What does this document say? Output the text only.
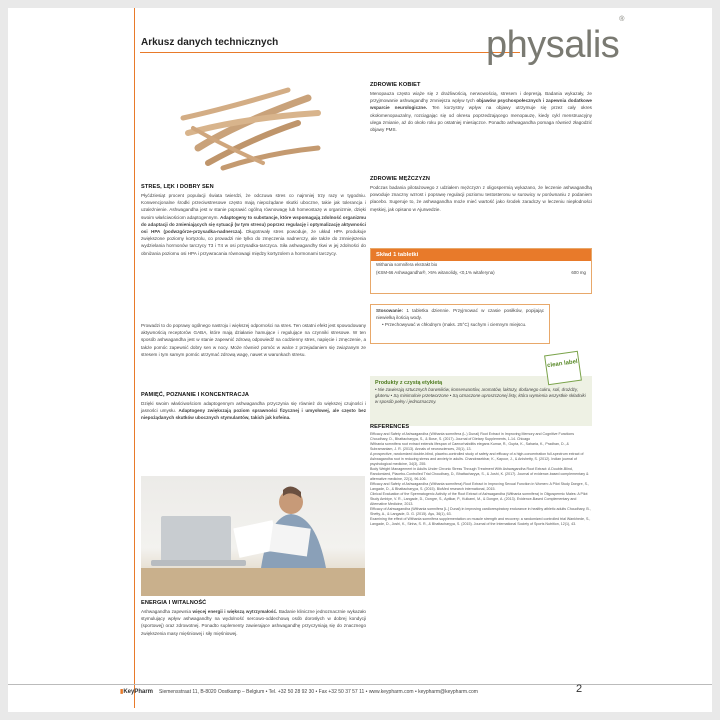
Arkusz danych technicznych	physalis®
STRES, LĘK I DOBRY SEN
Płyćdziesiąt procent populacji świata twierdzi, że odczuwa stres co najmniej trzy razy w tygodniu. Konwencjonalne środki przeciwstresowe często mają niepożądane skutki uboczne, takie jak tolerancja i uzależnienie. Ashwagandha jest w stanie poprawić ogólną równowagę lub homeostazę w organizmie, dzięki swoim właściwościom adaptogennym. Adaptogeny to substancje, które wspomagają zdolność organizmu do adaptacji do zmieniających się sytuacji (w tym stresu) poprzez regulację i optymalizację aktywności osi HPA (podwzgórze-przysadka-nadnercza). Długotrwały stres powoduje, że układ HPA produkuje zwiększone poziomy kortyzolu, co prowadzi nie tylko do zmęczenia nadnerczy, ale także do zmniejszenia wydzielania hormonów tarczycy T3 i T4 w osi przysadka-tarczyca. Siła ashwagandhy tkwi w jej zdolności do obniżania poziomu osi HPA i przywracania równowagi między kortyzolem a hormonami tarczycy.
Prowadzi to do poprawy ogólnego nastroju i większej odporności na stres. Ten ostatni efekt jest spowodowany aktywnością receptorów GABA, które mają działanie hamujące i regulujące na czynniki stresowe. W ten sposób ashwagandha jest w stanie zapewnić zdrową odpowiedź na codzienny stres, napięcie i zmęczenie, a także pomóc zapewnić dobry sen w nocy. Może również pomóc w walce z przejadaniem się związanym ze stresem i tym samym pomóc utrzymać zdrową wagę, nawet w warunkach stresu.
PAMIĘĆ, POZNANIE I KONCENTRACJA
Dzięki swoim właściwościom adaptogennym ashwagandha przyczynia się również do większej czujności i jasności umysłu. Adaptogeny zwiększają poziom sprawności fizycznej i umysłowej, ale często bez niepożądanych skutków ubocznych stymulantów, takich jak kofeina.
ENERGIA I WITALNOŚĆ
Ashwagandha zapewnia więcej energii i większą wytrzymałość. Badanie kliniczne jednoznacznie wykazało stymulujący wpływ ashwagandhy na wydolność sercowo-oddechową osób dorosłych w dobrej kondycji (sportowej) oraz zdrowotnej. Ponadto suplementy zawierające ashwagandhę przyczyniają się do znacznego zwiększenia masy mięśniowej i siły mięśniowej.
ZDROWIE KOBIET
Menopauza często wiąże się z drażliwością, nerwowością, stresem i depresją. Badania wykazały, że przyjmowanie ashwagandhy zmniejsza wpływ tych objawów psychospołecznych i zapewnia dodatkowe wsparcie neurologiczne. Ten korzystny wpływ na objawy utrzymuje się przez cały okres okołomenopauzalny, rozciągając się od okresu poprzedzającego menopauzę, kiedy cykl menstruacyjny ulega zmianie, aż do około roku po ostatniej miesiączce. Ponadto ashwagandha pomaga również złagodzić objawy PMS.
ZDROWIE MĘŻCZYZN
Podczas badania pilotażowego z udziałem mężczyzn z oligospermią wykazano, że leczenie ashwagandhą powoduje znaczny wzrost i poprawę regulacji poziomu testosteronu w surowicy w porównaniu z podaniem placebo. Sugeruje to, że ashwagandha może mieć wartość jako środek zaradczy w leczeniu niepłodności męskiej, jak opisano w Ajurwedzie.
Skład 1 tabletki
Withania somnifera ekstrakt bio
(KSM-66 Ashwagandha®, >5% witanolidy, <0,1% witaferyna)	600 mg
Stosowanie: 1 tabletka dziennie. Przyjmować w czasie posiłków, popijając niewielką ilością wody.
• Przechowywać w chłodnym (maks. 25°C) suchym i ciemnym miejscu.
Produkty z czystą etykietą
• Nie zawierają sztucznych barwników, konserwantów, aromatów, laktozy, dodanego cukru, soli, drożdży, glutenu • Są minimalnie przetworzone • Są oznaczone uproszczonej listy, która wymienia wszystkie składniki w sposób pełny i jednoznaczny.
clean label
REFERENCES
Efficacy and Safety of Ashwagandha (Withania somnifera (L.) Dunal) Root Extract in Improving Memory and Cognitive Functions Choudhary, D., Bhattacharyya, S., & Bose, S. (2017). Journal of Dietary Supplements, 1-14. Chicago
Withania somnifera root extract extends lifespan of Caenorhabditis elegans Kumar, R., Gupta, K., Saharia, K., Pradhan, D., & Subramaniam, J. R. (2013). Annals of neurosciences, 20(1), 13.
A prospective, randomized double-blind, placebo-controlled study of safety and efficacy of a high-concentration full-spectrum extract of Ashwagandha root in reducing stress and anxiety in adults. Chandrasekhar, K., Kapoor, J., & Anishetty, S. (2012). Indian journal of psychological medicine, 34(3), 255.
Body Weight Management in Adults Under Chronic Stress Through Treatment With Ashwagandha Root Extract: A Double-Blind, Randomized, Placebo-Controlled Trial Choudhary, D., Bhattacharyya, S., & Joshi, K. (2017). Journal of evidence-based complementary & alternative medicine, 22(1), 96-106.
Efficacy and Safety of Ashwagandha (Withania somnifera) Root Extract in Improving Sexual Function in Women: A Pilot Study Dongre, S., Langade, D., & Bhattacharyya, S. (2015). BioMed research international, 2015.
Clinical Evaluation of the Spermatogenic Activity of the Root Extract of Ashwagandha (Withania somnifera) in Oligospermic Males: A Pilot Study Ambiye, V. R., Langade, D., Dongre, S., Aptikar, P., Kulkarni, M., & Dongre, A. (2013). Evidence-Based Complementary and Alternative Medicine, 2013.
Efficacy of Ashwagandha (Withania somnifera [L.] Dunal) in improving cardiorespiratory endurance in healthy athletic adults Choudhary, B., Shetty, A., & Langade, D. G. (2015). Ayu, 36(1), 63.
Examining the effect of Withania somnifera supplementation on muscle strength and recovery: a randomized controlled trial Wankhede, S., Langade, D., Joshi, K., Sinha, S. R., & Bhattacharyya, S. (2015). Journal of the International Society of Sports Nutrition, 12(1), 43.
▮KeyPharm Siemensstraat 11, B-8020 Oostkamp – Belgium • Tel. +32 50 28 92 30 • Fax +32 50 37 57 11 • www.keypharm.com • keypharm@keypharm.com	2
